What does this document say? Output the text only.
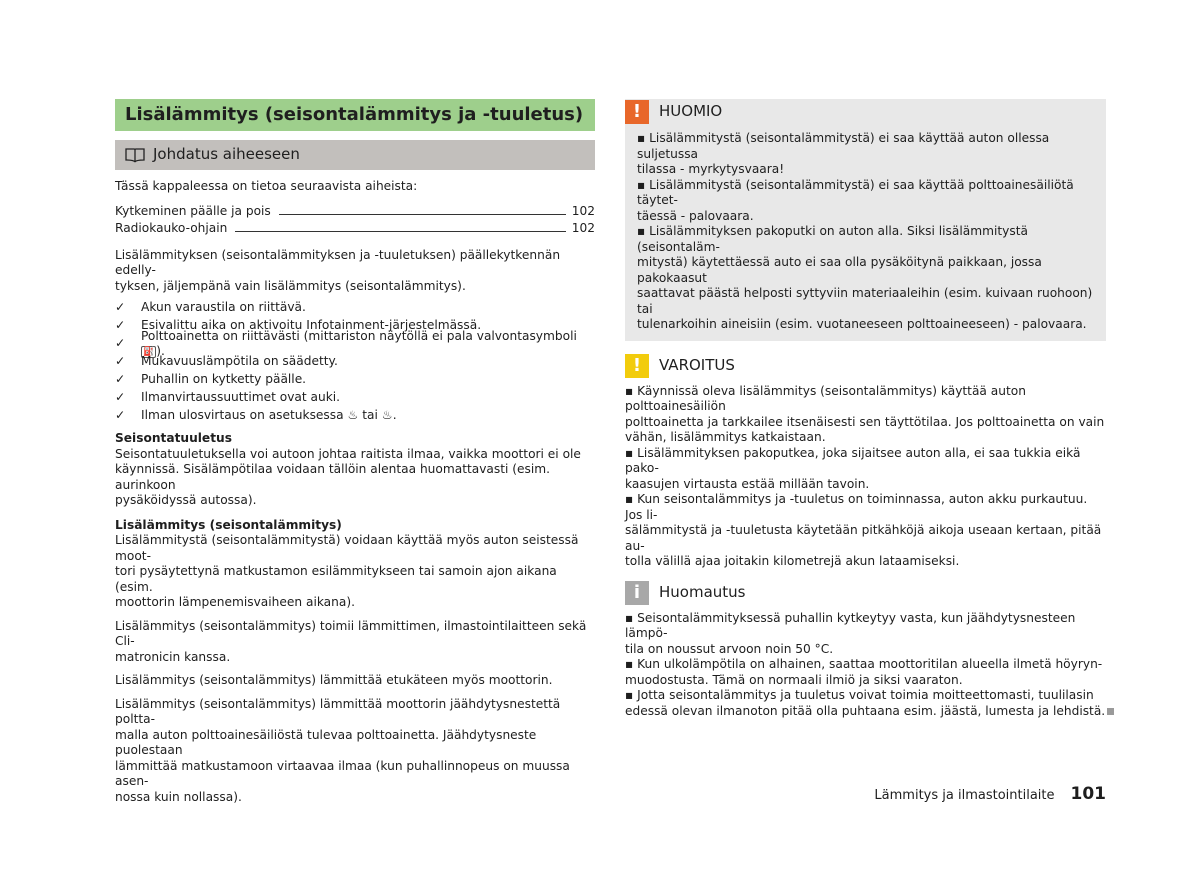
Lisälämmitys (seisontalämmitys ja -tuuletus)
Johdatus aiheeseen

Tässä kappaleessa on tietoa seuraavista aiheista:

Kytkeminen päälle ja pois	102
Radiokauko-ohjain	102

Lisälämmityksen (seisontalämmityksen ja -tuuletuksen) päällekytkennän edelly-
tyksen, jäljempänä vain lisälämmitys (seisontalämmitys).

✓	Akun varaustila on riittävä.
✓	Esivalittu aika on aktivoitu Infotainment-järjestelmässä.
✓
Polttoainetta on riittävästi (mittariston näytöllä ei pala valvontasymboli ⛽ ).
✓	Mukavuuslämpötila on säädetty.
✓	Puhallin on kytketty päälle.
✓	Ilmanvirtaussuuttimet ovat auki.
✓	Ilman ulosvirtaus on asetuksessa ♨ tai ♨.
Seisontatuuletus

Seisontatuuletuksella voi autoon johtaa raitista ilmaa, vaikka moottori ei ole
käynnissä. Sisälämpötilaa voidaan tällöin alentaa huomattavasti (esim. aurinkoon
pysäköidyssä autossa).

Lisälämmitys (seisontalämmitys)

Lisälämmitystä (seisontalämmitystä) voidaan käyttää myös auton seistessä moot-
tori pysäytettynä matkustamon esilämmitykseen tai samoin ajon aikana (esim.
moottorin lämpenemisvaiheen aikana).

Lisälämmitys (seisontalämmitys) toimii lämmittimen, ilmastointilaitteen sekä Cli-
matronicin kanssa.

Lisälämmitys (seisontalämmitys) lämmittää etukäteen myös moottorin.

Lisälämmitys (seisontalämmitys) lämmittää moottorin jäähdytysnestettä poltta-
malla auton polttoainesäiliöstä tulevaa polttoainetta. Jäähdytysneste puolestaan
lämmittää matkustamoon virtaavaa ilmaa (kun puhallinnopeus on muussa asen-
nossa kuin nollassa).

!	HUOMIO
▪ Lisälämmitystä (seisontalämmitystä) ei saa käyttää auton ollessa suljetussa
tilassa - myrkytysvaara!
▪ Lisälämmitystä (seisontalämmitystä) ei saa käyttää polttoainesäiliötä täytet-
täessä - palovaara.
▪ Lisälämmityksen pakoputki on auton alla. Siksi lisälämmitystä (seisontaläm-
mitystä) käytettäessä auto ei saa olla pysäköitynä paikkaan, jossa pakokaasut
saattavat päästä helposti syttyviin materiaaleihin (esim. kuivaan ruohoon) tai
tulenarkoihin aineisiin (esim. vuotaneeseen polttoaineeseen) - palovaara.
!	VAROITUS
▪ Käynnissä oleva lisälämmitys (seisontalämmitys) käyttää auton polttoainesäiliön
polttoainetta ja tarkkailee itsenäisesti sen täyttötilaa. Jos polttoainetta on vain
vähän, lisälämmitys katkaistaan.
▪ Lisälämmityksen pakoputkea, joka sijaitsee auton alla, ei saa tukkia eikä pako-
kaasujen virtausta estää millään tavoin.
▪ Kun seisontalämmitys ja -tuuletus on toiminnassa, auton akku purkautuu. Jos li-
sälämmitystä ja -tuuletusta käytetään pitkähköjä aikoja useaan kertaan, pitää au-
tolla välillä ajaa joitakin kilometrejä akun lataamiseksi.
i	Huomautus
▪ Seisontalämmityksessä puhallin kytkeytyy vasta, kun jäähdytysnesteen lämpö-
tila on noussut arvoon noin 50 °C.
▪ Kun ulkolämpötila on alhainen, saattaa moottoritilan alueella ilmetä höyryn-
muodostusta. Tämä on normaali ilmiö ja siksi vaaraton.
▪ Jotta seisontalämmitys ja tuuletus voivat toimia moitteettomasti, tuulilasin
edessä olevan ilmanoton pitää olla puhtaana esim. jäästä, lumesta ja lehdistä.
Lämmitys ja ilmastointilaite 101
